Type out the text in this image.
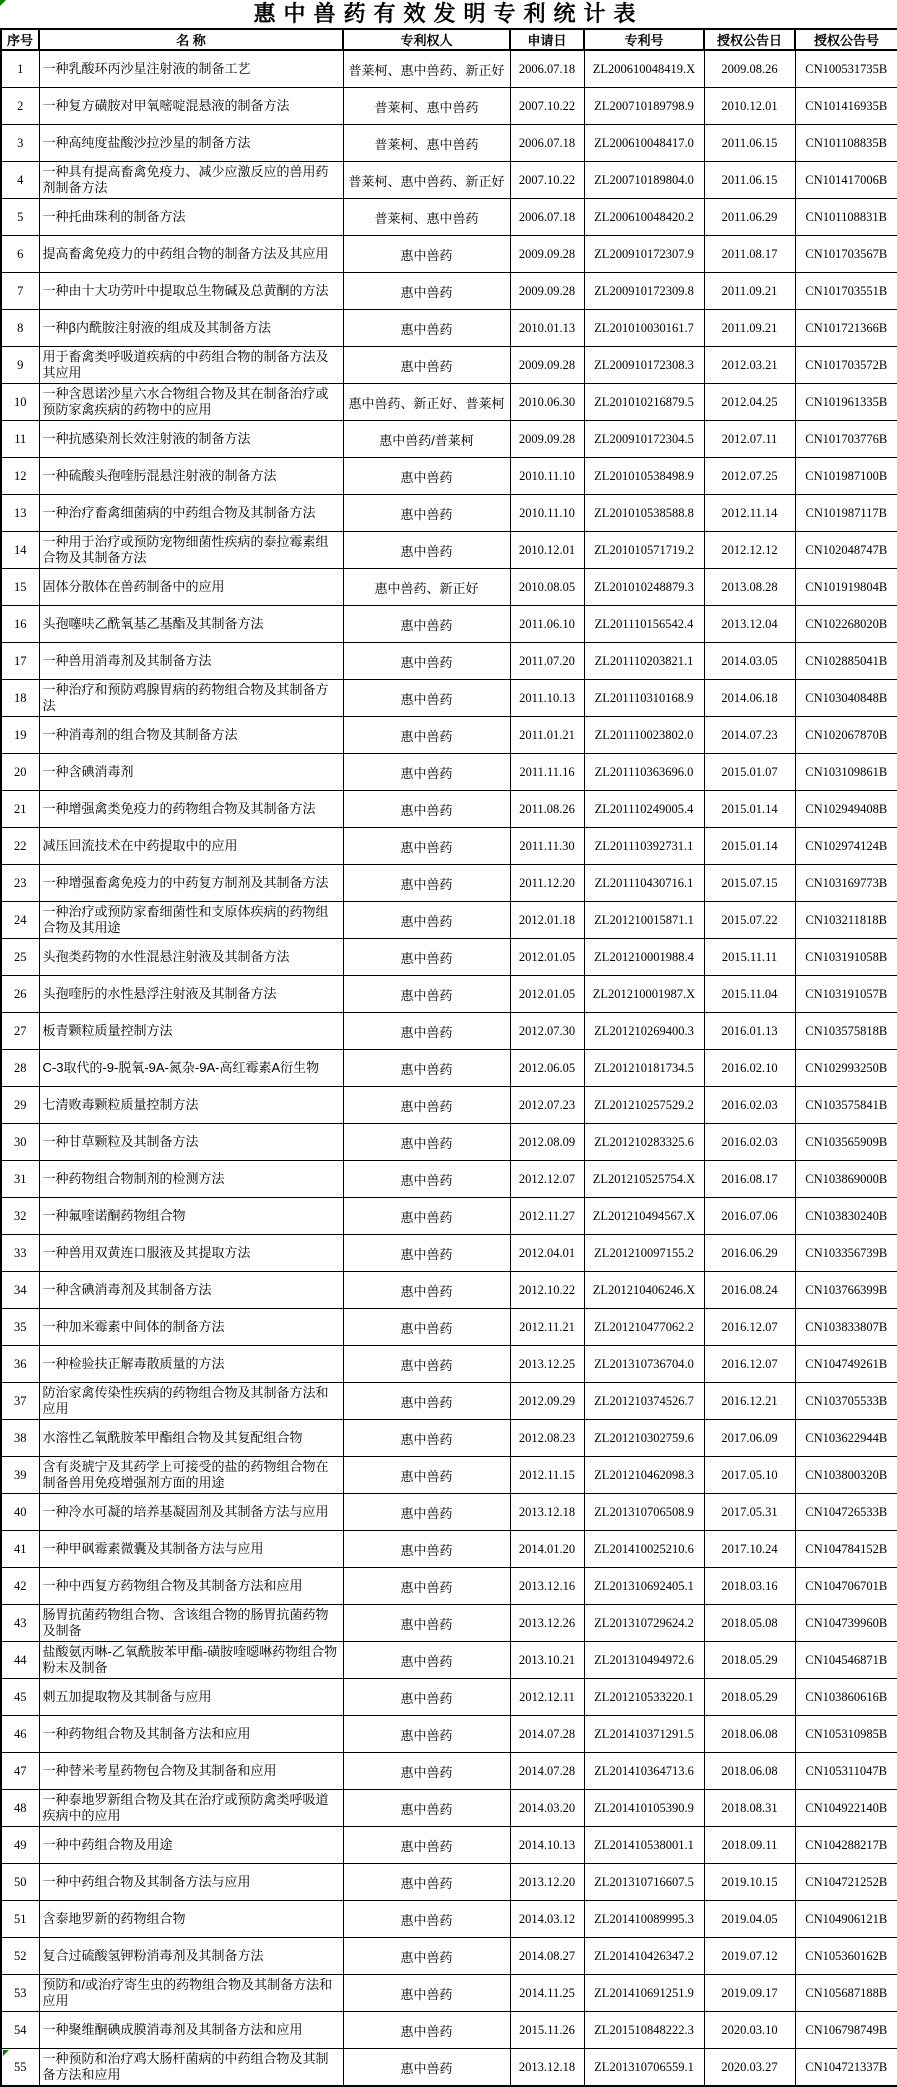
惠中兽药有效发明专利统计表
序号	名 称	专利权人	申请日	专利号	授权公告日	授权公告号
1	一种乳酸环丙沙星注射液的制备工艺	普莱柯、惠中兽药、新正好	2006.07.18	ZL200610048419.X	2009.08.26	CN100531735B
2	一种复方磺胺对甲氧嘧啶混悬液的制备方法	普莱柯、惠中兽药	2007.10.22	ZL200710189798.9	2010.12.01	CN101416935B
3	一种高纯度盐酸沙拉沙星的制备方法	普莱柯、惠中兽药	2006.07.18	ZL200610048417.0	2011.06.15	CN101108835B
4	一种具有提高畜禽免疫力、减少应激反应的兽用药剂制备方法	普莱柯、惠中兽药、新正好	2007.10.22	ZL200710189804.0	2011.06.15	CN101417006B
5	一种托曲珠利的制备方法	普莱柯、惠中兽药	2006.07.18	ZL200610048420.2	2011.06.29	CN101108831B
6	提高畜禽免疫力的中药组合物的制备方法及其应用	惠中兽药	2009.09.28	ZL200910172307.9	2011.08.17	CN101703567B
7	一种由十大功劳叶中提取总生物碱及总黄酮的方法	惠中兽药	2009.09.28	ZL200910172309.8	2011.09.21	CN101703551B
8	一种β内酰胺注射液的组成及其制备方法	惠中兽药	2010.01.13	ZL201010030161.7	2011.09.21	CN101721366B
9	用于畜禽类呼吸道疾病的中药组合物的制备方法及其应用	惠中兽药	2009.09.28	ZL200910172308.3	2012.03.21	CN101703572B
10	一种含恩诺沙星六水合物组合物及其在制备治疗或预防家禽疾病的药物中的应用	惠中兽药、新正好、普莱柯	2010.06.30	ZL201010216879.5	2012.04.25	CN101961335B
11	一种抗感染剂长效注射液的制备方法	惠中兽药/普莱柯	2009.09.28	ZL200910172304.5	2012.07.11	CN101703776B
12	一种硫酸头孢喹肟混悬注射液的制备方法	惠中兽药	2010.11.10	ZL201010538498.9	2012.07.25	CN101987100B
13	一种治疗畜禽细菌病的中药组合物及其制备方法	惠中兽药	2010.11.10	ZL201010538588.8	2012.11.14	CN101987117B
14	一种用于治疗或预防宠物细菌性疾病的泰拉霉素组合物及其制备方法	惠中兽药	2010.12.01	ZL201010571719.2	2012.12.12	CN102048747B
15	固体分散体在兽药制备中的应用	惠中兽药、新正好	2010.08.05	ZL201010248879.3	2013.08.28	CN101919804B
16	头孢噻呋乙酰氧基乙基酯及其制备方法	惠中兽药	2011.06.10	ZL201110156542.4	2013.12.04	CN102268020B
17	一种兽用消毒剂及其制备方法	惠中兽药	2011.07.20	ZL201110203821.1	2014.03.05	CN102885041B
18	一种治疗和预防鸡腺胃病的药物组合物及其制备方法	惠中兽药	2011.10.13	ZL201110310168.9	2014.06.18	CN103040848B
19	一种消毒剂的组合物及其制备方法	惠中兽药	2011.01.21	ZL201110023802.0	2014.07.23	CN102067870B
20	一种含碘消毒剂	惠中兽药	2011.11.16	ZL201110363696.0	2015.01.07	CN103109861B
21	一种增强禽类免疫力的药物组合物及其制备方法	惠中兽药	2011.08.26	ZL201110249005.4	2015.01.14	CN102949408B
22	减压回流技术在中药提取中的应用	惠中兽药	2011.11.30	ZL201110392731.1	2015.01.14	CN102974124B
23	一种增强畜禽免疫力的中药复方制剂及其制备方法	惠中兽药	2011.12.20	ZL201110430716.1	2015.07.15	CN103169773B
24	一种治疗或预防家畜细菌性和支原体疾病的药物组合物及其用途	惠中兽药	2012.01.18	ZL201210015871.1	2015.07.22	CN103211818B
25	头孢类药物的水性混悬注射液及其制备方法	惠中兽药	2012.01.05	ZL201210001988.4	2015.11.11	CN103191058B
26	头孢喹肟的水性悬浮注射液及其制备方法	惠中兽药	2012.01.05	ZL201210001987.X	2015.11.04	CN103191057B
27	板青颗粒质量控制方法	惠中兽药	2012.07.30	ZL201210269400.3	2016.01.13	CN103575818B
28	C-3取代的-9-脱氧-9A-氮杂-9A-高红霉素A衍生物	惠中兽药	2012.06.05	ZL201210181734.5	2016.02.10	CN102993250B
29	七清败毒颗粒质量控制方法	惠中兽药	2012.07.23	ZL201210257529.2	2016.02.03	CN103575841B
30	一种甘草颗粒及其制备方法	惠中兽药	2012.08.09	ZL201210283325.6	2016.02.03	CN103565909B
31	一种药物组合物制剂的检测方法	惠中兽药	2012.12.07	ZL201210525754.X	2016.08.17	CN103869000B
32	一种氟喹诺酮药物组合物	惠中兽药	2012.11.27	ZL201210494567.X	2016.07.06	CN103830240B
33	一种兽用双黄连口服液及其提取方法	惠中兽药	2012.04.01	ZL201210097155.2	2016.06.29	CN103356739B
34	一种含碘消毒剂及其制备方法	惠中兽药	2012.10.22	ZL201210406246.X	2016.08.24	CN103766399B
35	一种加米霉素中间体的制备方法	惠中兽药	2012.11.21	ZL201210477062.2	2016.12.07	CN103833807B
36	一种检验扶正解毒散质量的方法	惠中兽药	2013.12.25	ZL201310736704.0	2016.12.07	CN104749261B
37	防治家禽传染性疾病的药物组合物及其制备方法和应用	惠中兽药	2012.09.29	ZL201210374526.7	2016.12.21	CN103705533B
38	水溶性乙氧酰胺苯甲酯组合物及其复配组合物	惠中兽药	2012.08.23	ZL201210302759.6	2017.06.09	CN103622944B
39	含有炎琥宁及其药学上可接受的盐的药物组合物在制备兽用免疫增强剂方面的用途	惠中兽药	2012.11.15	ZL201210462098.3	2017.05.10	CN103800320B
40	一种冷水可凝的培养基凝固剂及其制备方法与应用	惠中兽药	2013.12.18	ZL201310706508.9	2017.05.31	CN104726533B
41	一种甲砜霉素微囊及其制备方法与应用	惠中兽药	2014.01.20	ZL201410025210.6	2017.10.24	CN104784152B
42	一种中西复方药物组合物及其制备方法和应用	惠中兽药	2013.12.16	ZL201310692405.1	2018.03.16	CN104706701B
43	肠胃抗菌药物组合物、含该组合物的肠胃抗菌药物及制备	惠中兽药	2013.12.26	ZL201310729624.2	2018.05.08	CN104739960B
44	盐酸氨丙啉-乙氧酰胺苯甲酯-磺胺喹噁啉药物组合物粉末及制备	惠中兽药	2013.10.21	ZL201310494972.6	2018.05.29	CN104546871B
45	刺五加提取物及其制备与应用	惠中兽药	2012.12.11	ZL201210533220.1	2018.05.29	CN103860616B
46	一种药物组合物及其制备方法和应用	惠中兽药	2014.07.28	ZL201410371291.5	2018.06.08	CN105310985B
47	一种替米考星药物包合物及其制备和应用	惠中兽药	2014.07.28	ZL201410364713.6	2018.06.08	CN105311047B
48	一种泰地罗新组合物及其在治疗或预防禽类呼吸道疾病中的应用	惠中兽药	2014.03.20	ZL201410105390.9	2018.08.31	CN104922140B
49	一种中药组合物及用途	惠中兽药	2014.10.13	ZL201410538001.1	2018.09.11	CN104288217B
50	一种中药组合物及其制备方法与应用	惠中兽药	2013.12.20	ZL201310716607.5	2019.10.15	CN104721252B
51	含泰地罗新的药物组合物	惠中兽药	2014.03.12	ZL201410089995.3	2019.04.05	CN104906121B
52	复合过硫酸氢钾粉消毒剂及其制备方法	惠中兽药	2014.08.27	ZL201410426347.2	2019.07.12	CN105360162B
53	预防和/或治疗寄生虫的药物组合物及其制备方法和应用	惠中兽药	2014.11.25	ZL201410691251.9	2019.09.17	CN105687188B
54	一种聚维酮碘成膜消毒剂及其制备方法和应用	惠中兽药	2015.11.26	ZL201510848222.3	2020.03.10	CN106798749B
55	一种预防和治疗鸡大肠杆菌病的中药组合物及其制备方法和应用	惠中兽药	2013.12.18	ZL201310706559.1	2020.03.27	CN104721337B
